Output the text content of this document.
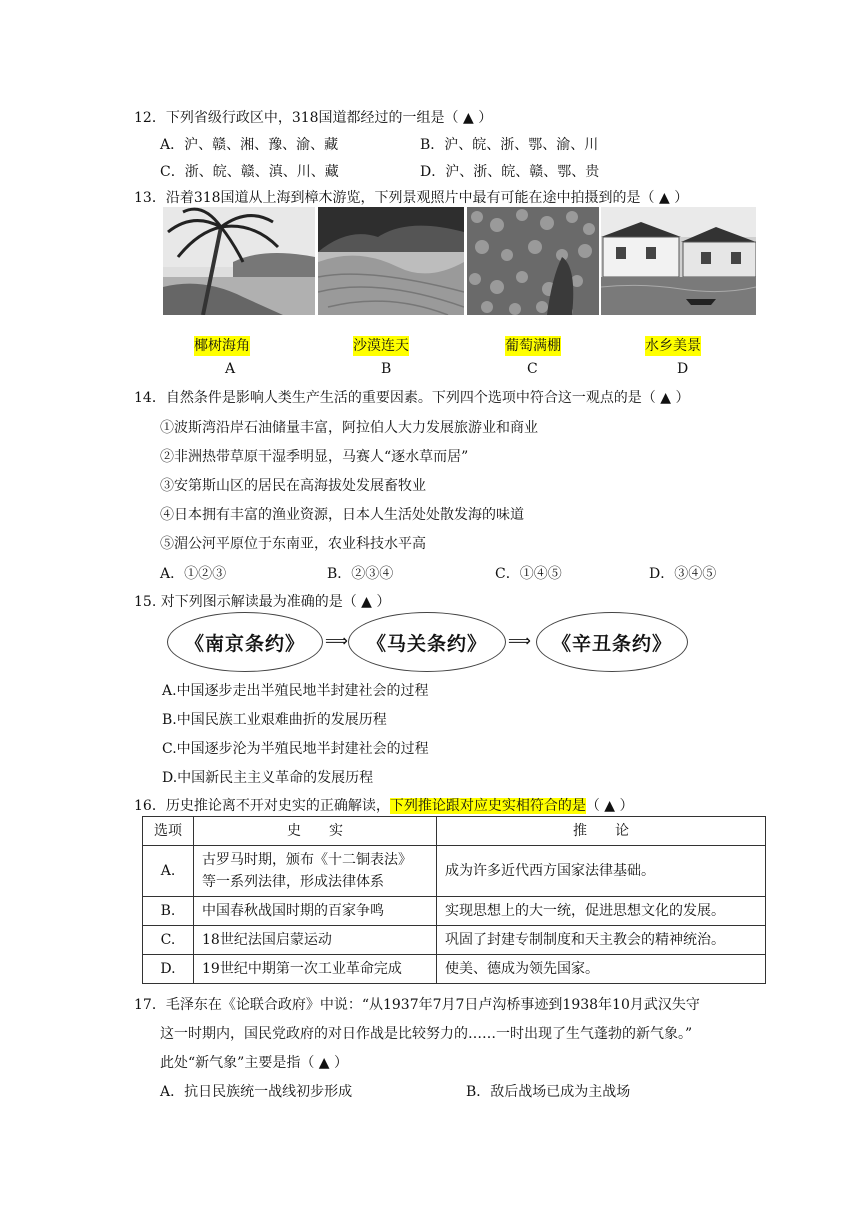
12．下列省级行政区中，318国道都经过的一组是（ ▲ ）
A．沪、赣、湘、豫、渝、藏	B．沪、皖、浙、鄂、渝、川
C．浙、皖、赣、滇、川、藏	D．沪、浙、皖、赣、鄂、贵
13．沿着318国道从上海到樟木游览，下列景观照片中最有可能在途中拍摄到的是（ ▲ ）
椰树海角	沙漠连天	葡萄满棚	水乡美景
A	B	C	D
14．自然条件是影响人类生产生活的重要因素。下列四个选项中符合这一观点的是（ ▲ ）
①波斯湾沿岸石油储量丰富，阿拉伯人大力发展旅游业和商业
②非洲热带草原干湿季明显，马赛人“逐水草而居”
③安第斯山区的居民在高海拔处发展畜牧业
④日本拥有丰富的渔业资源，日本人生活处处散发海的味道
⑤湄公河平原位于东南亚，农业科技水平高
A．①②③	B．②③④	C．①④⑤	D．③④⑤
15. 对下列图示解读最为准确的是（ ▲ ）
《南京条约》	⟹	《马关条约》	⟹	《辛丑条约》
A.中国逐步走出半殖民地半封建社会的过程
B.中国民族工业艰难曲折的发展历程
C.中国逐步沦为半殖民地半封建社会的过程
D.中国新民主主义革命的发展历程
16．历史推论离不开对史实的正确解读，下列推论跟对应史实相符合的是（ ▲ ）
选项	史　　实	推　　论
A.	古罗马时期，颁布《十二铜表法》
等一系列法律，形成法律体系	成为许多近代西方国家法律基础。
B.	中国春秋战国时期的百家争鸣	实现思想上的大一统，促进思想文化的发展。
C.	18世纪法国启蒙运动	巩固了封建专制制度和天主教会的精神统治。
D.	19世纪中期第一次工业革命完成	使美、德成为领先国家。
17．毛泽东在《论联合政府》中说：“从1937年7月7日卢沟桥事迹到1938年10月武汉失守
这一时期内，国民党政府的对日作战是比较努力的……一时出现了生气蓬勃的新气象。”
此处“新气象”主要是指（ ▲ ）
A．抗日民族统一战线初步形成	B．敌后战场已成为主战场
